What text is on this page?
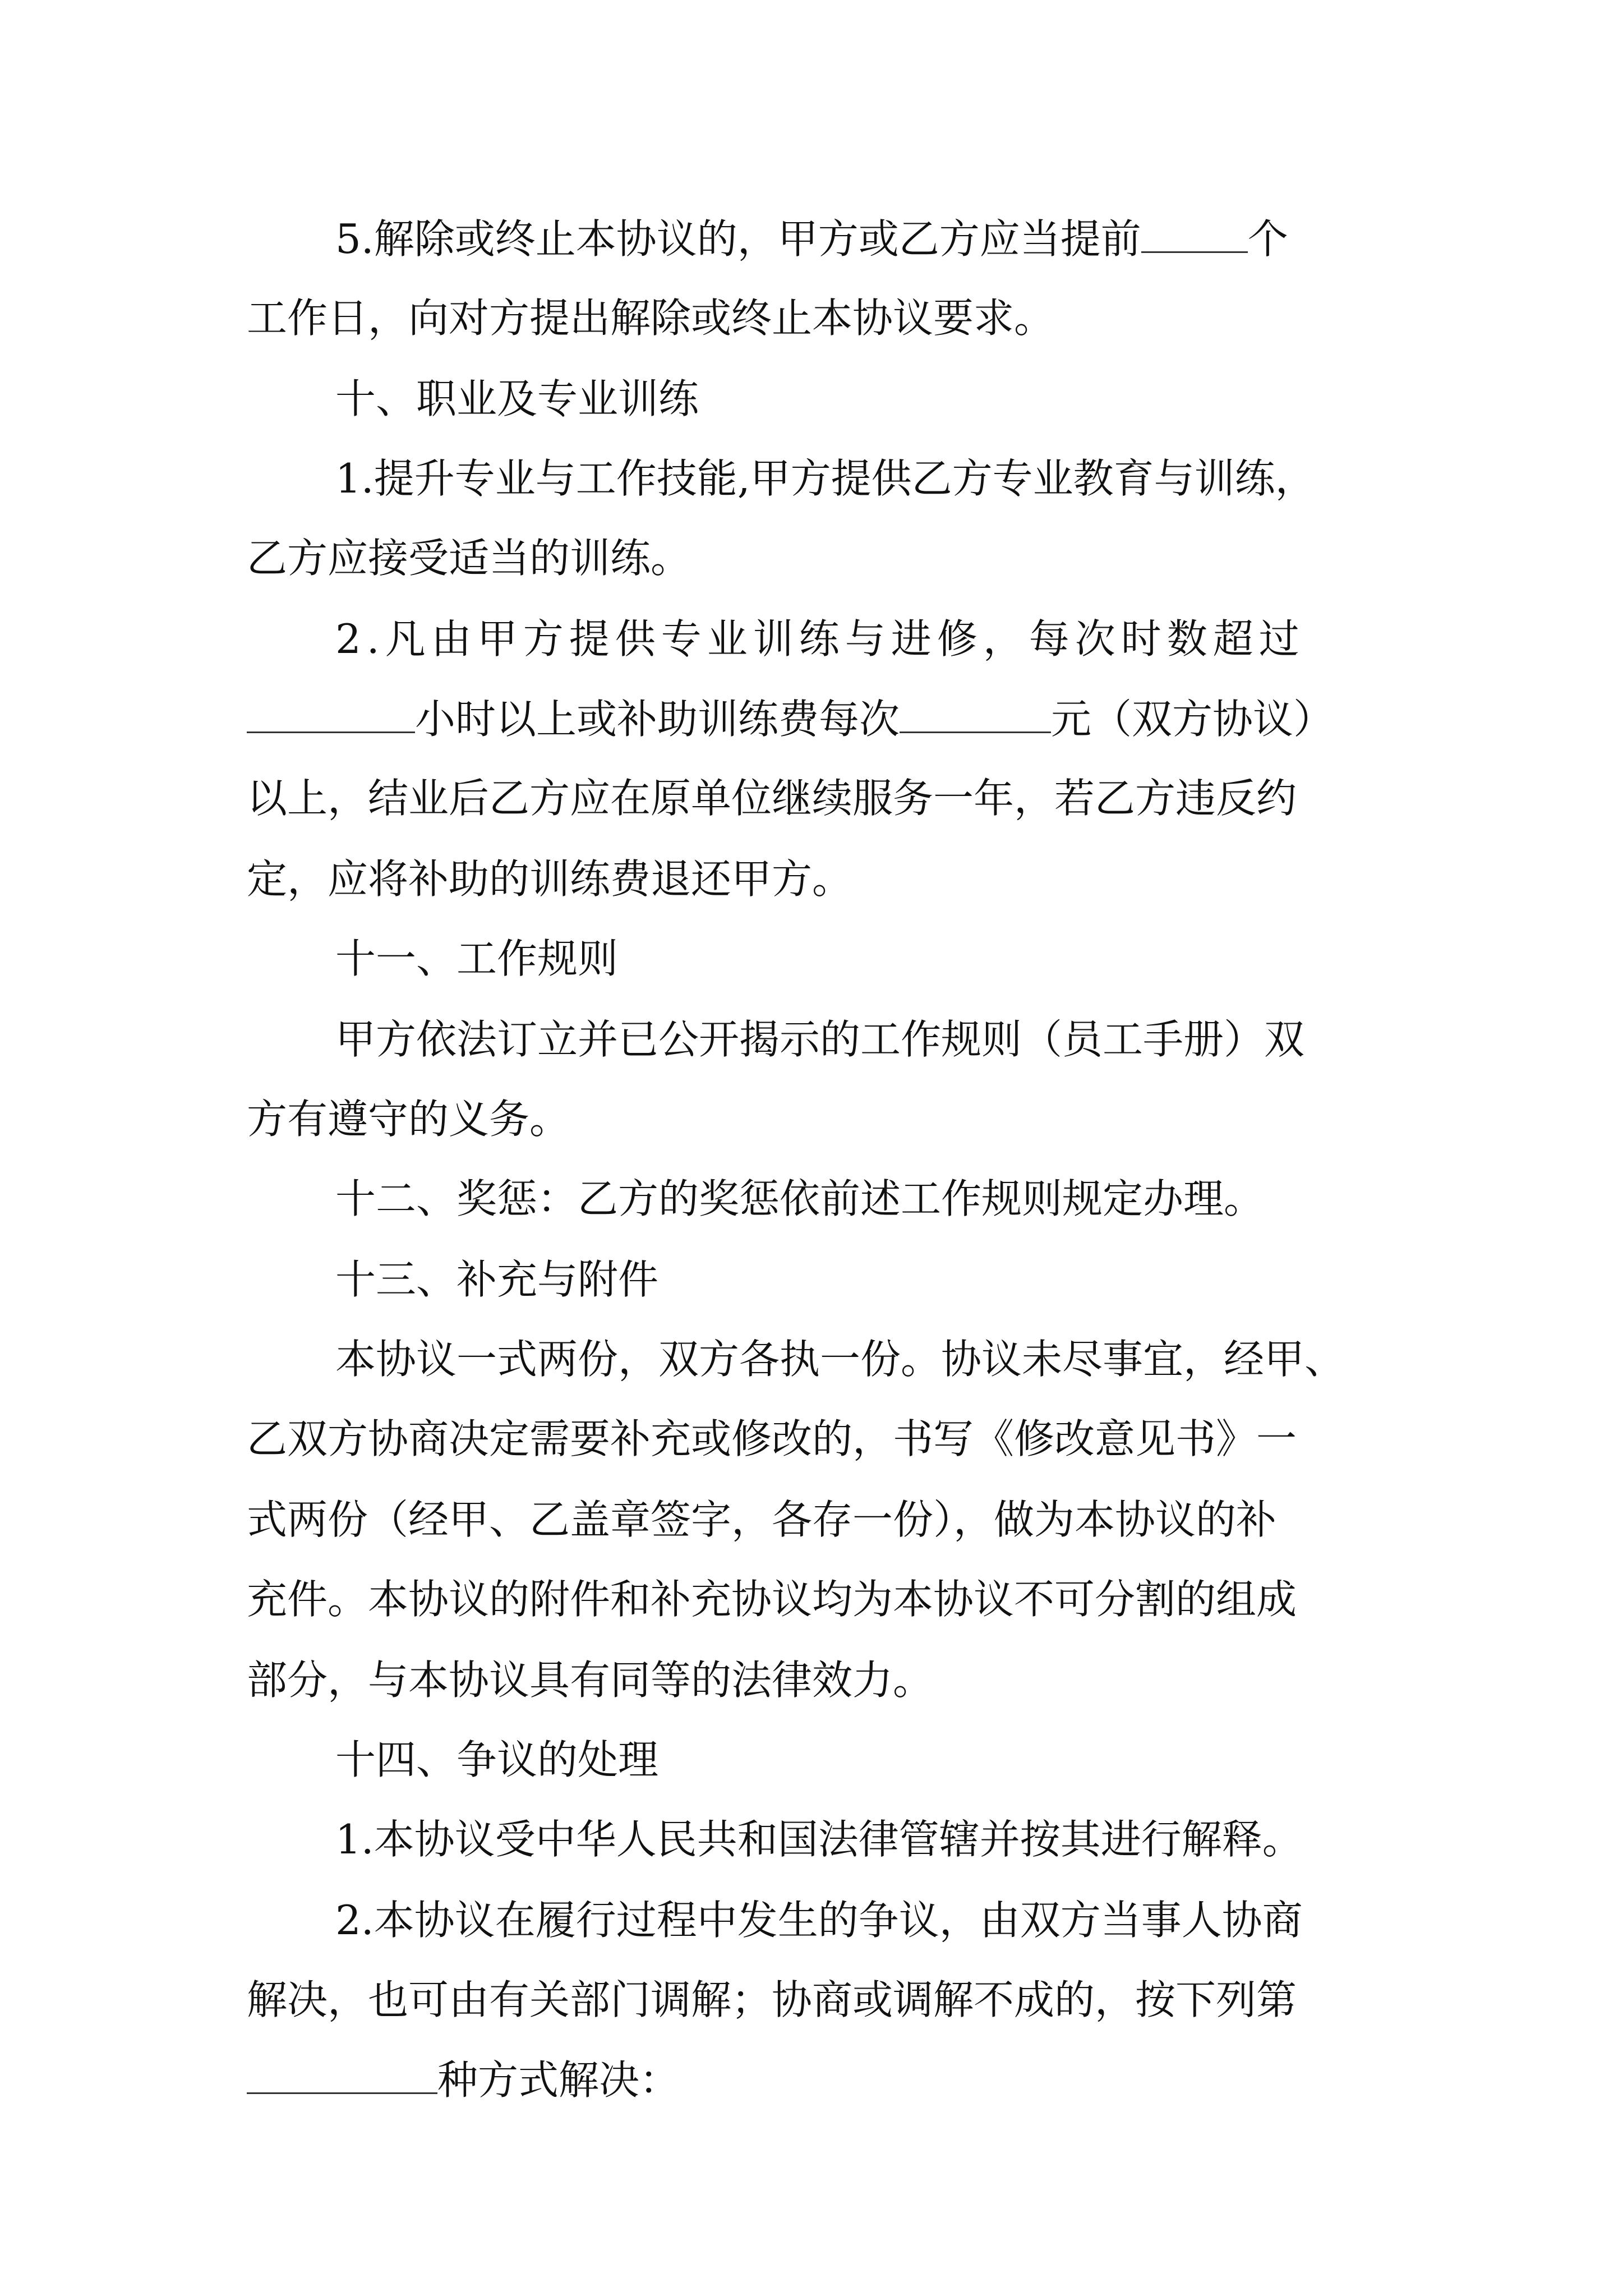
5.解除或终止本协议的，甲方或乙方应当提前	个
工作日，向对方提出解除或终止本协议要求。
十、职业及专业训练
1.提升专业与工作技能,甲方提供乙方专业教育与训练，
乙方应接受适当的训练。
2.凡由甲方提供专业训练与进修，每次时数超过
小时以上或补助训练费每次	元（双方协议）
以上，结业后乙方应在原单位继续服务一年，若乙方违反约
定，应将补助的训练费退还甲方。
十一、工作规则
甲方依法订立并已公开揭示的工作规则（员工手册）双
方有遵守的义务。
十二、奖惩：乙方的奖惩依前述工作规则规定办理。
十三、补充与附件
本协议一式两份，双方各执一份。协议未尽事宜，经甲、
乙双方协商决定需要补充或修改的，书写《修改意见书》一
式两份（经甲、乙盖章签字，各存一份），做为本协议的补
充件。本协议的附件和补充协议均为本协议不可分割的组成
部分，与本协议具有同等的法律效力。
十四、争议的处理
1.本协议受中华人民共和国法律管辖并按其进行解释。
2.本协议在履行过程中发生的争议，由双方当事人协商
解决，也可由有关部门调解；协商或调解不成的，按下列第
种方式解决：
